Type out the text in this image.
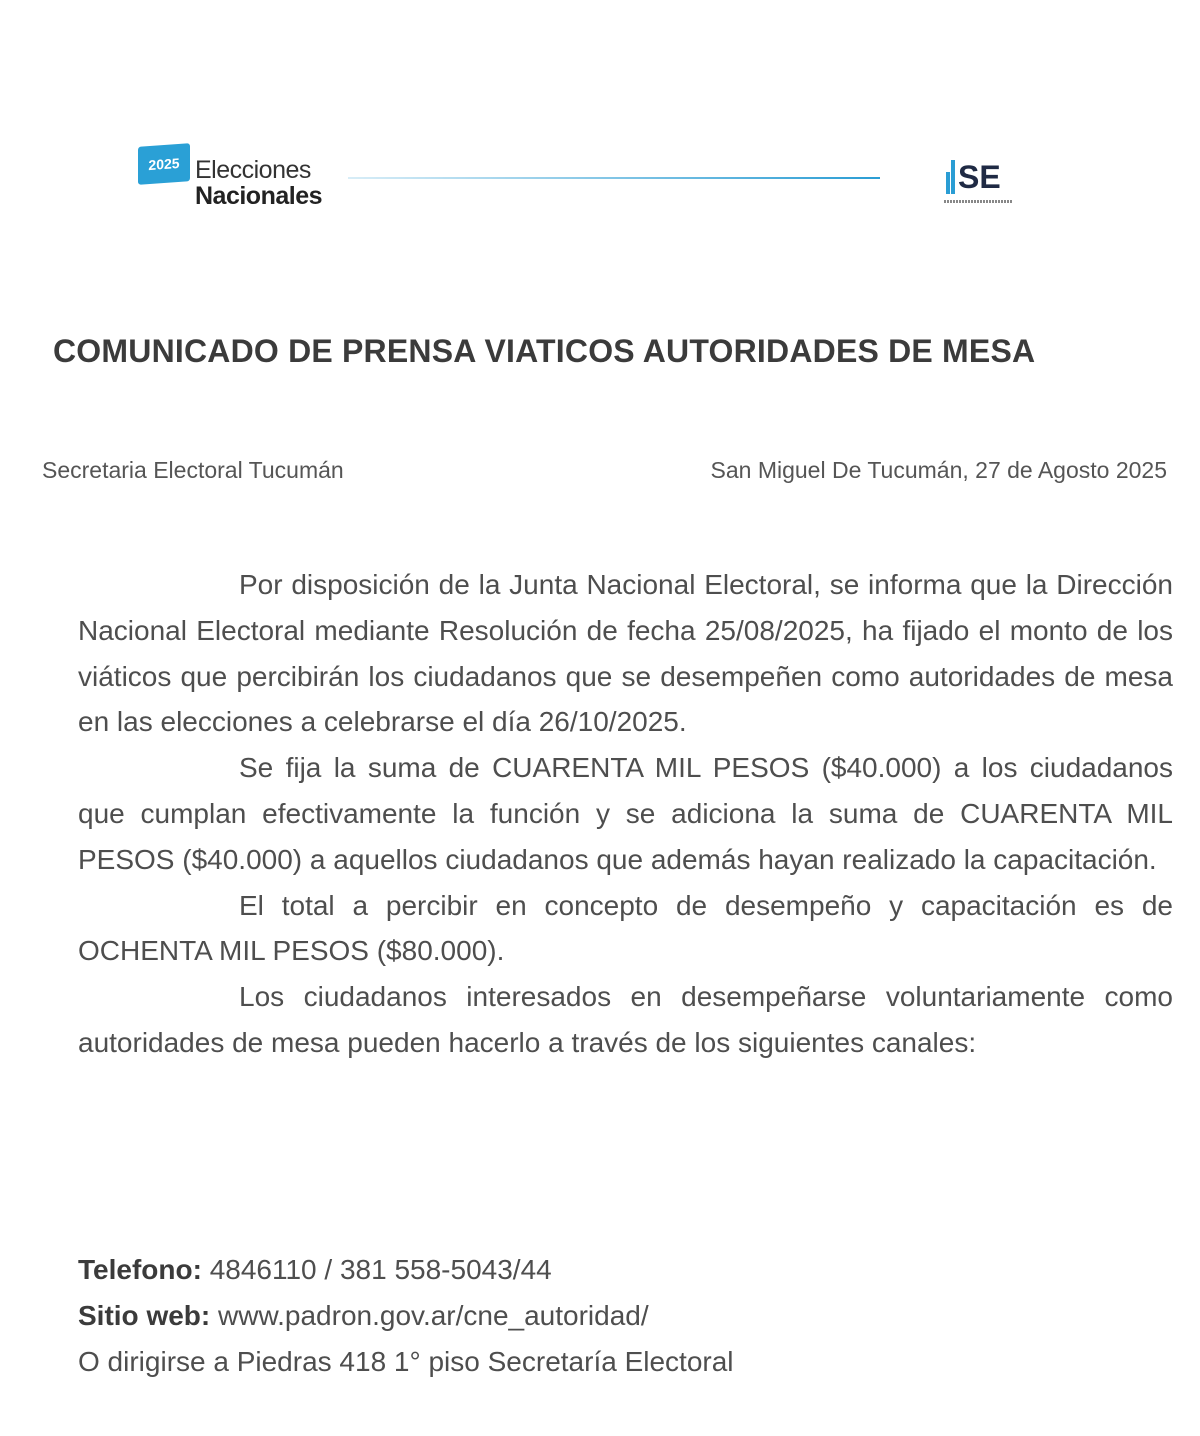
2025 Elecciones
Nacionales
SE
COMUNICADO DE PRENSA VIATICOS AUTORIDADES DE MESA
Secretaria Electoral Tucumán	San Miguel De Tucumán, 27 de Agosto 2025

Por disposición de la Junta Nacional Electoral, se informa que la Dirección Nacional Electoral mediante Resolución de fecha 25/08/2025, ha fijado el monto de los viáticos que percibirán los ciudadanos que se desempeñen como autoridades de mesa en las elecciones a celebrarse el día 26/10/2025.

Se fija la suma de CUARENTA MIL PESOS ($40.000) a los ciudadanos que cumplan efectivamente la función y se adiciona la suma de CUARENTA MIL PESOS ($40.000) a aquellos ciudadanos que además hayan realizado la capacitación.

El total a percibir en concepto de desempeño y capacitación es de OCHENTA MIL PESOS ($80.000).

Los ciudadanos interesados en desempeñarse voluntariamente como autoridades de mesa pueden hacerlo a través de los siguientes canales:

Telefono: 4846110 / 381 558-5043/44
Sitio web: www.padron.gov.ar/cne_autoridad/
O dirigirse a Piedras 418 1° piso Secretaría Electoral
